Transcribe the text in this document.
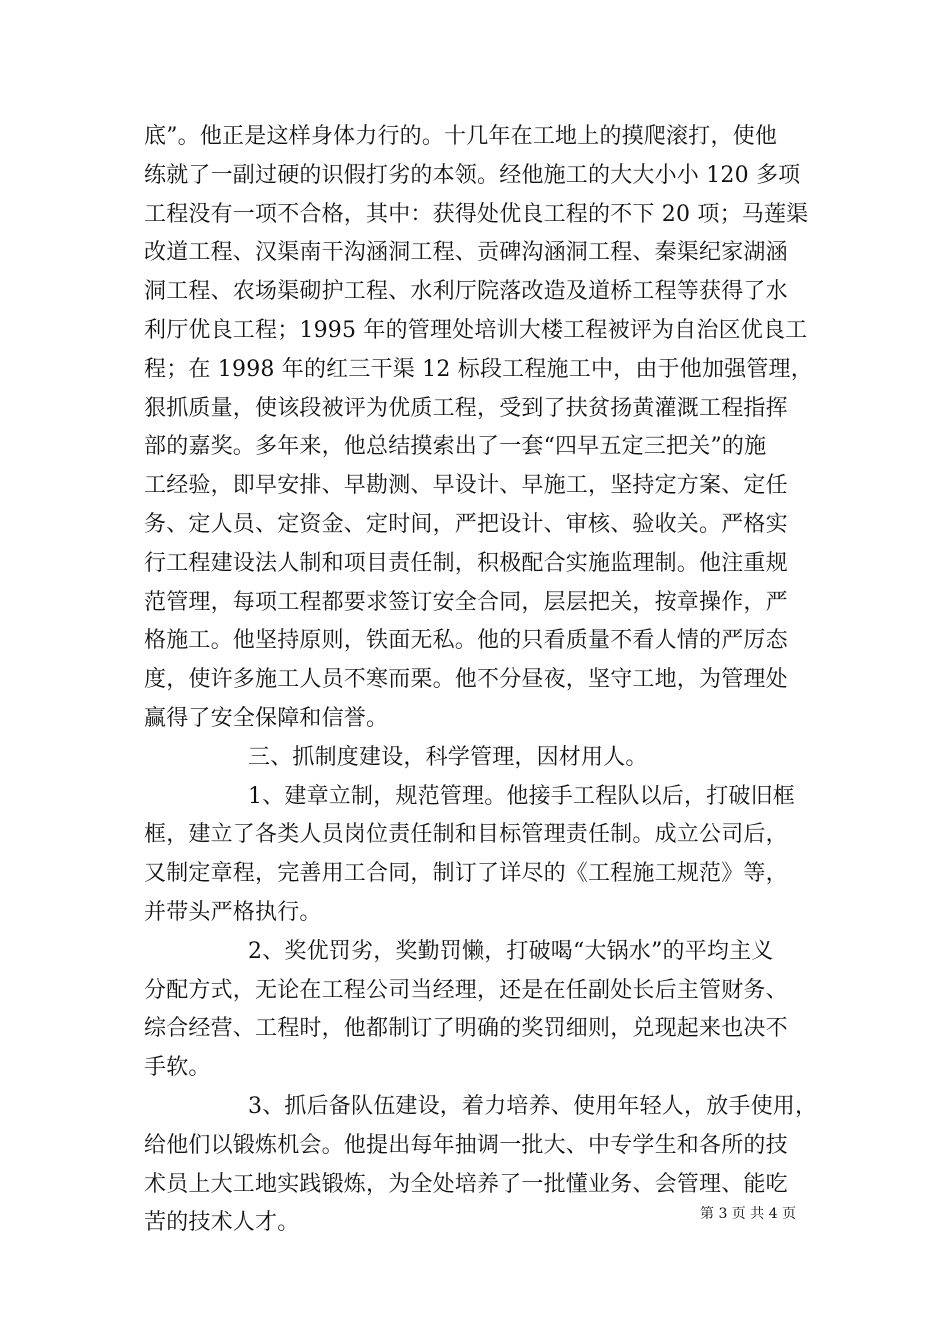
底”。他正是这样身体力行的。十几年在工地上的摸爬滚打，使他
练就了一副过硬的识假打劣的本领。经他施工的大大小小 120 多项
工程没有一项不合格，其中：获得处优良工程的不下 20 项；马莲渠
改道工程、汉渠南干沟涵洞工程、贡碑沟涵洞工程、秦渠纪家湖涵
洞工程、农场渠砌护工程、水利厅院落改造及道桥工程等获得了水
利厅优良工程；1995 年的管理处培训大楼工程被评为自治区优良工
程；在 1998 年的红三干渠 12 标段工程施工中，由于他加强管理，
狠抓质量，使该段被评为优质工程，受到了扶贫扬黄灌溉工程指挥
部的嘉奖。多年来，他总结摸索出了一套“四早五定三把关”的施
工经验，即早安排、早勘测、早设计、早施工，坚持定方案、定任
务、定人员、定资金、定时间，严把设计、审核、验收关。严格实
行工程建设法人制和项目责任制，积极配合实施监理制。他注重规
范管理，每项工程都要求签订安全合同，层层把关，按章操作，严
格施工。他坚持原则，铁面无私。他的只看质量不看人情的严厉态
度，使许多施工人员不寒而栗。他不分昼夜，坚守工地，为管理处
赢得了安全保障和信誉。
三、抓制度建设，科学管理，因材用人。
1、建章立制，规范管理。他接手工程队以后，打破旧框
框，建立了各类人员岗位责任制和目标管理责任制。成立公司后，
又制定章程，完善用工合同，制订了详尽的《工程施工规范》等，
并带头严格执行。
2、奖优罚劣，奖勤罚懒，打破喝“大锅水”的平均主义
分配方式，无论在工程公司当经理，还是在任副处长后主管财务、
综合经营、工程时，他都制订了明确的奖罚细则，兑现起来也决不
手软。
3、抓后备队伍建设，着力培养、使用年轻人，放手使用，
给他们以锻炼机会。他提出每年抽调一批大、中专学生和各所的技
术员上大工地实践锻炼，为全处培养了一批懂业务、会管理、能吃
苦的技术人才。	第 3 页 共 4 页
